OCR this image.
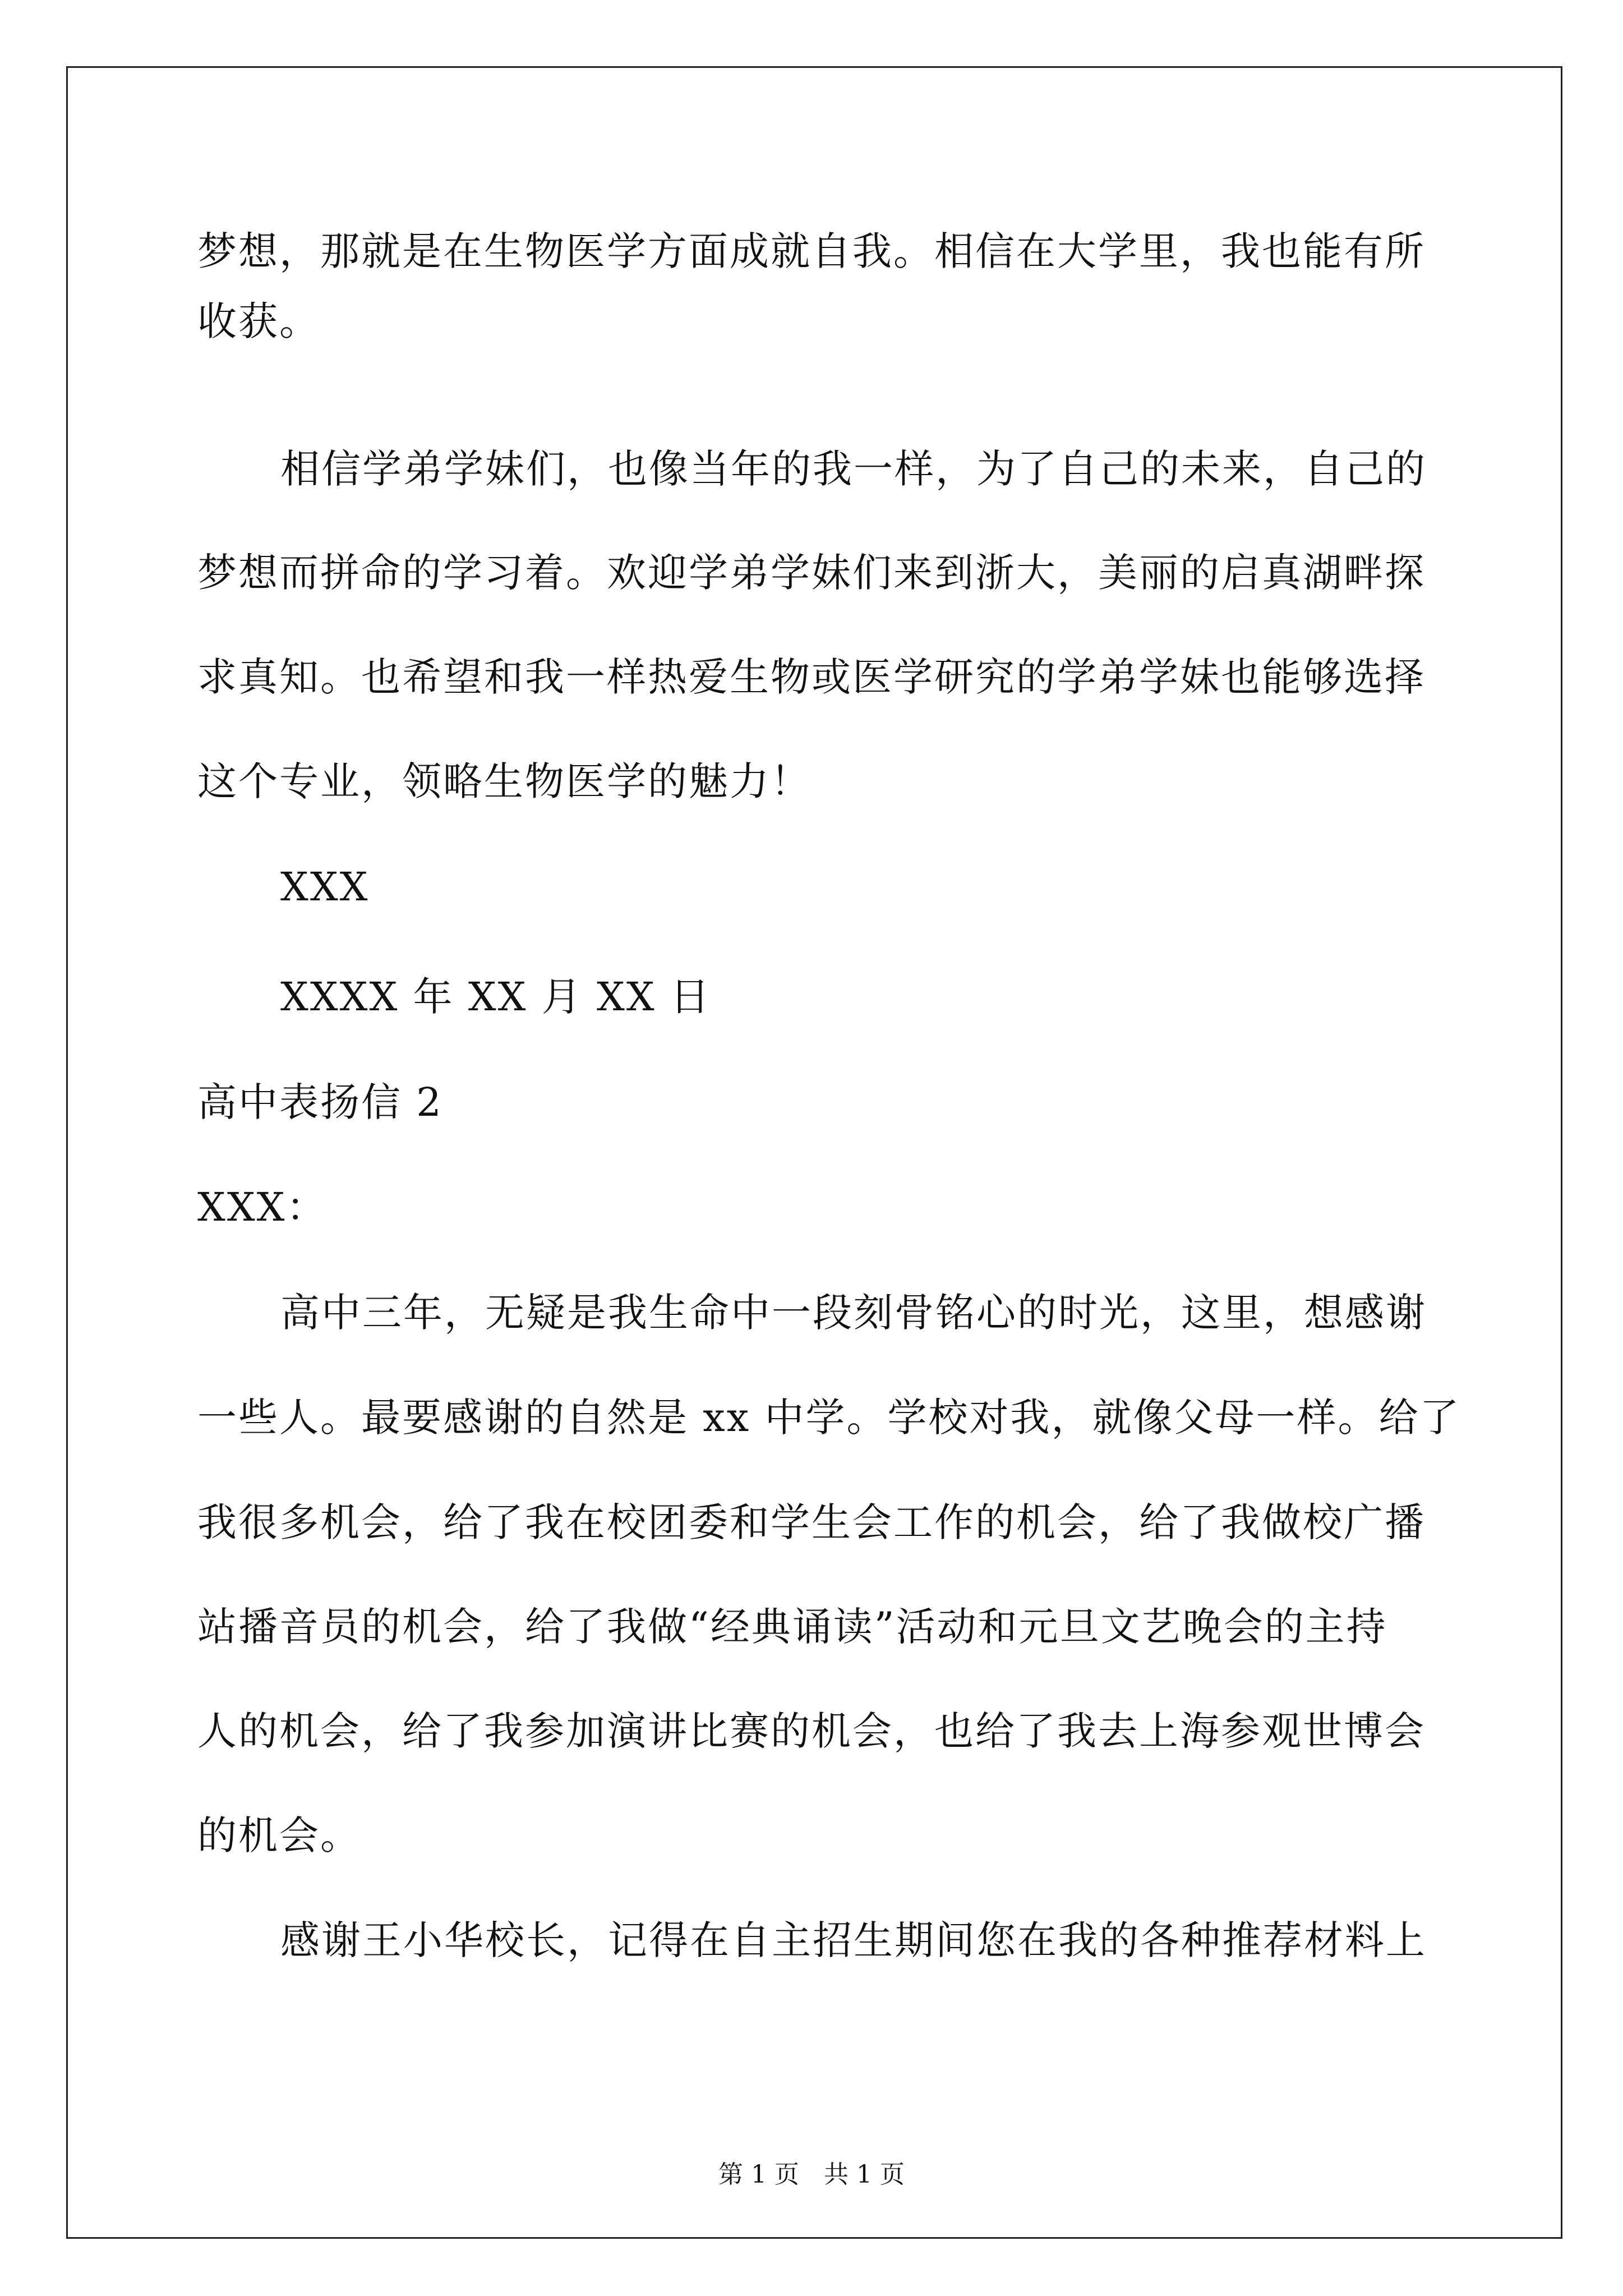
梦想，那就是在生物医学方面成就自我。相信在大学里，我也能有所
收获。
相信学弟学妹们，也像当年的我一样，为了自己的未来，自己的
梦想而拼命的学习着。欢迎学弟学妹们来到浙大，美丽的启真湖畔探
求真知。也希望和我一样热爱生物或医学研究的学弟学妹也能够选择
这个专业，领略生物医学的魅力！
XXX
XXXX 年 XX 月 XX 日
高中表扬信 2
XXX：
高中三年，无疑是我生命中一段刻骨铭心的时光，这里，想感谢
一些人。最要感谢的自然是 xx 中学。学校对我，就像父母一样。给了
我很多机会，给了我在校团委和学生会工作的机会，给了我做校广播
站播音员的机会，给了我做“经典诵读”活动和元旦文艺晚会的主持
人的机会，给了我参加演讲比赛的机会，也给了我去上海参观世博会
的机会。
感谢王小华校长，记得在自主招生期间您在我的各种推荐材料上
第 1 页　共 1 页
